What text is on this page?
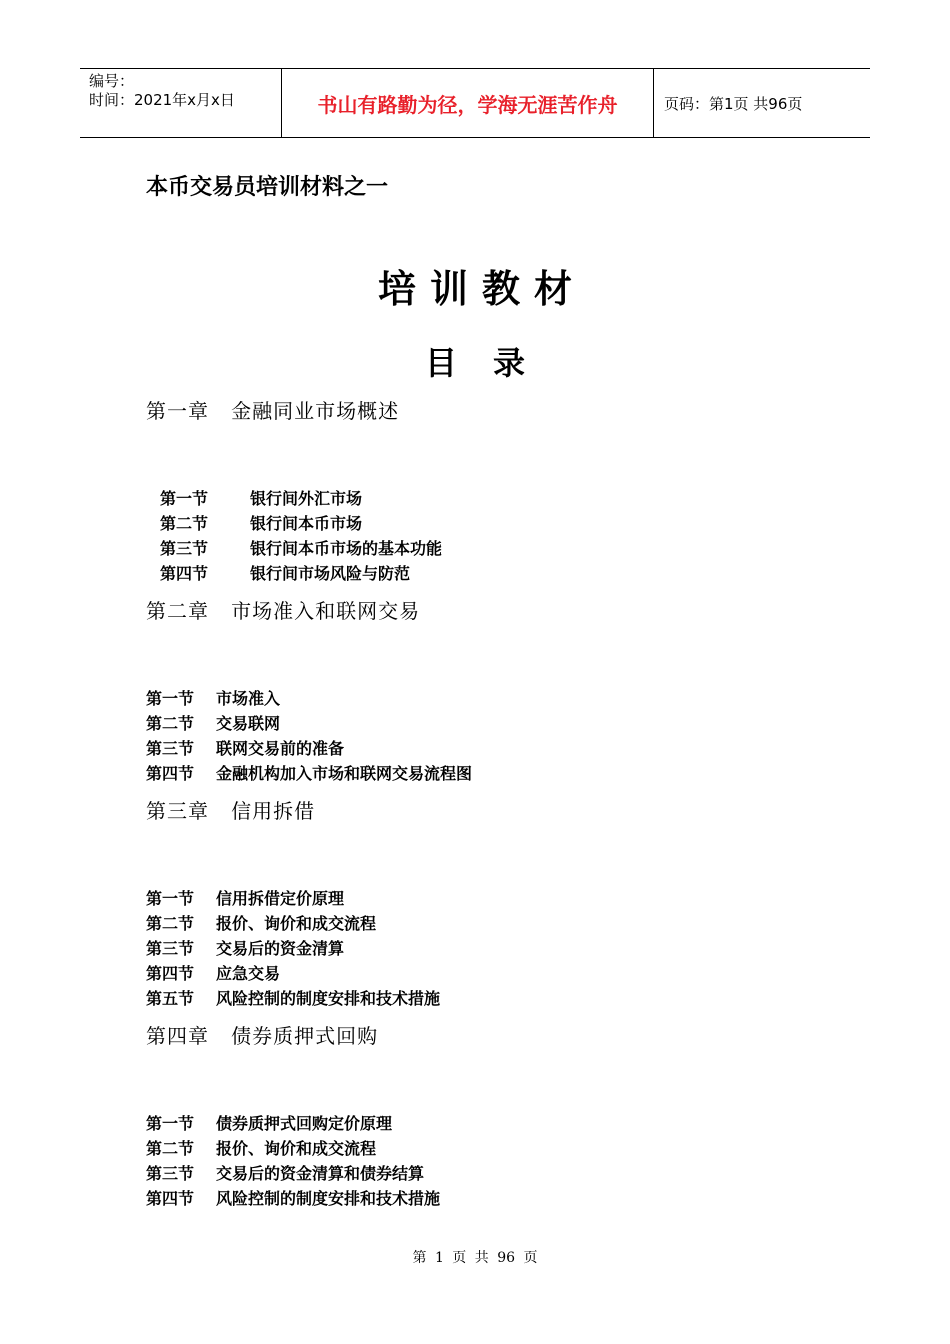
编号：
时间：2021年x月x日	书山有路勤为径，学海无涯苦作舟	页码：第1页 共96页
本币交易员培训材料之一
培训教材
目录
第一章   金融同业市场概述
第一节	银行间外汇市场
第二节	银行间本币市场
第三节	银行间本币市场的基本功能
第四节	银行间市场风险与防范
第二章   市场准入和联网交易
第一节 市场准入
第二节 交易联网
第三节 联网交易前的准备
第四节 金融机构加入市场和联网交易流程图
第三章   信用拆借
第一节 信用拆借定价原理
第二节 报价、询价和成交流程
第三节 交易后的资金清算
第四节 应急交易
第五节 风险控制的制度安排和技术措施
第四章   债券质押式回购
第一节 债券质押式回购定价原理
第二节 报价、询价和成交流程
第三节 交易后的资金清算和债券结算
第四节 风险控制的制度安排和技术措施
第 1 页 共 96 页
